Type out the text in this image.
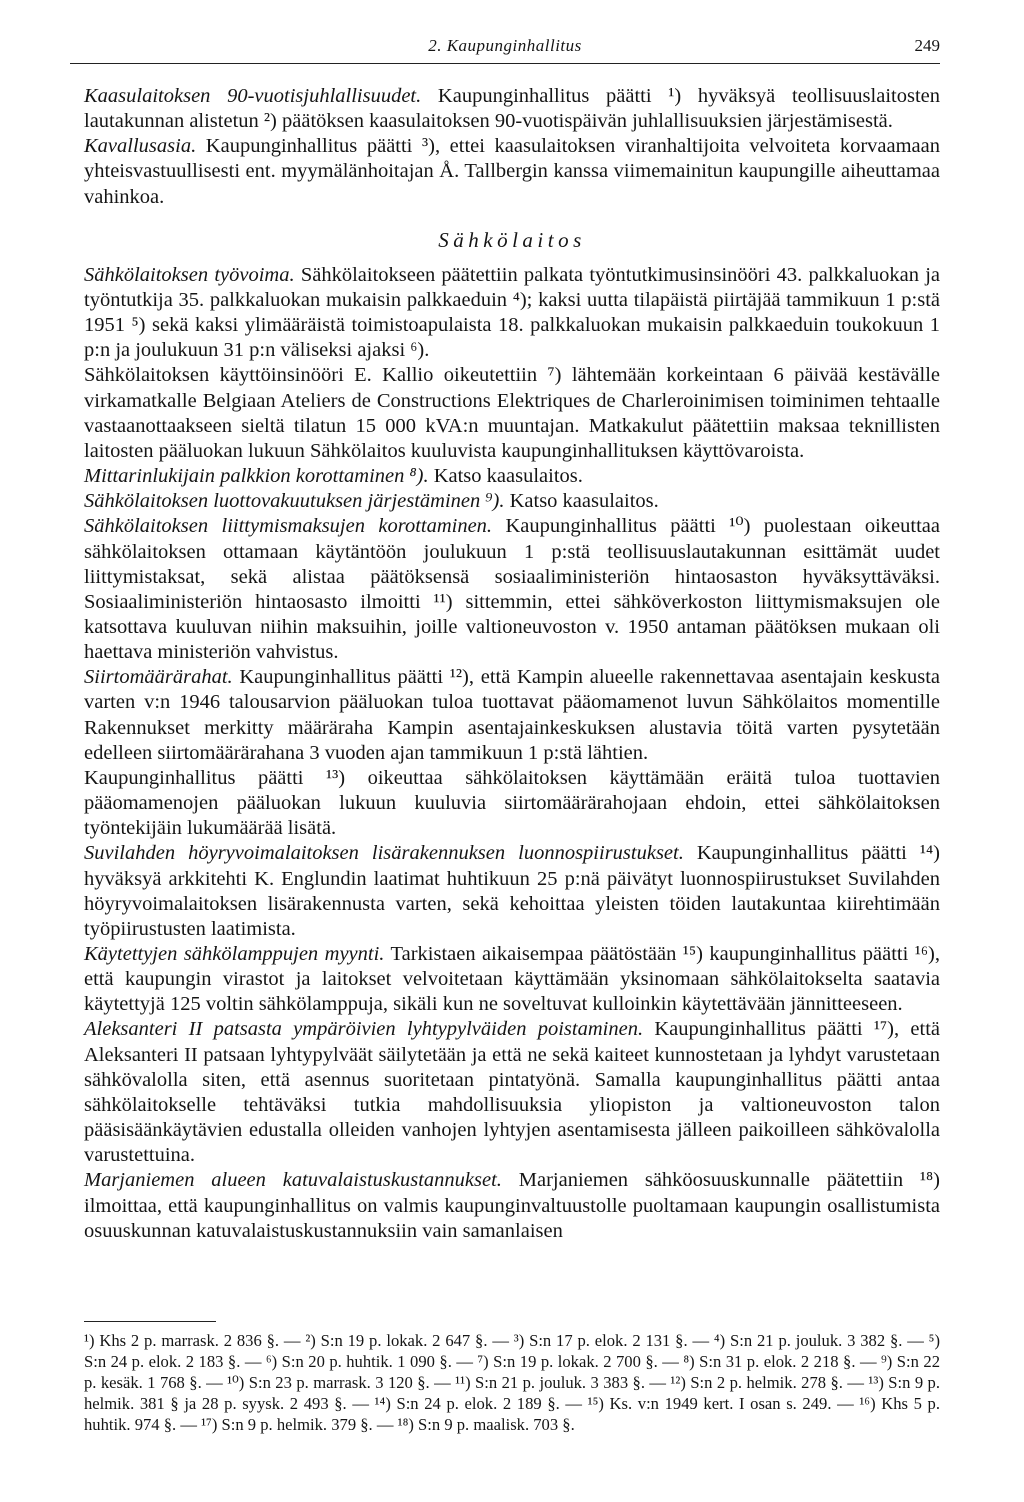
2. Kaupunginhallitus	249

Kaasulaitoksen 90-vuotisjuhlallisuudet. Kaupunginhallitus päätti ¹) hyväksyä teollisuuslaitosten lautakunnan alistetun ²) päätöksen kaasulaitoksen 90-vuotispäivän juhlallisuuksien järjestämisestä.

Kavallusasia. Kaupunginhallitus päätti ³), ettei kaasulaitoksen viranhaltijoita velvoiteta korvaamaan yhteisvastuullisesti ent. myymälänhoitajan Å. Tallbergin kanssa viimemainitun kaupungille aiheuttamaa vahinkoa.

Sähkölaitos

Sähkölaitoksen työvoima. Sähkölaitokseen päätettiin palkata työntutkimusinsinööri 43. palkkaluokan ja työntutkija 35. palkkaluokan mukaisin palkkaeduin ⁴); kaksi uutta tilapäistä piirtäjää tammikuun 1 p:stä 1951 ⁵) sekä kaksi ylimääräistä toimistoapulaista 18. palkkaluokan mukaisin palkkaeduin toukokuun 1 p:n ja joulukuun 31 p:n väliseksi ajaksi ⁶).

Sähkölaitoksen käyttöinsinööri E. Kallio oikeutettiin ⁷) lähtemään korkeintaan 6 päivää kestävälle virkamatkalle Belgiaan Ateliers de Constructions Elektriques de Charleroinimisen toiminimen tehtaalle vastaanottaakseen sieltä tilatun 15 000 kVA:n muuntajan. Matkakulut päätettiin maksaa teknillisten laitosten pääluokan lukuun Sähkölaitos kuuluvista kaupunginhallituksen käyttövaroista.

Mittarinlukijain palkkion korottaminen ⁸). Katso kaasulaitos.

Sähkölaitoksen luottovakuutuksen järjestäminen ⁹). Katso kaasulaitos.

Sähkölaitoksen liittymismaksujen korottaminen. Kaupunginhallitus päätti ¹⁰) puolestaan oikeuttaa sähkölaitoksen ottamaan käytäntöön joulukuun 1 p:stä teollisuuslautakunnan esittämät uudet liittymistaksat, sekä alistaa päätöksensä sosiaaliministeriön hintaosaston hyväksyttäväksi. Sosiaaliministeriön hintaosasto ilmoitti ¹¹) sittemmin, ettei sähköverkoston liittymismaksujen ole katsottava kuuluvan niihin maksuihin, joille valtioneuvoston v. 1950 antaman päätöksen mukaan oli haettava ministeriön vahvistus.

Siirtomäärärahat. Kaupunginhallitus päätti ¹²), että Kampin alueelle rakennettavaa asentajain keskusta varten v:n 1946 talousarvion pääluokan tuloa tuottavat pääomamenot luvun Sähkölaitos momentille Rakennukset merkitty määräraha Kampin asentajainkeskuksen alustavia töitä varten pysytetään edelleen siirtomäärärahana 3 vuoden ajan tammikuun 1 p:stä lähtien.

Kaupunginhallitus päätti ¹³) oikeuttaa sähkölaitoksen käyttämään eräitä tuloa tuottavien pääomamenojen pääluokan lukuun kuuluvia siirtomäärärahojaan ehdoin, ettei sähkölaitoksen työntekijäin lukumäärää lisätä.

Suvilahden höyryvoimalaitoksen lisärakennuksen luonnospiirustukset. Kaupunginhallitus päätti ¹⁴) hyväksyä arkkitehti K. Englundin laatimat huhtikuun 25 p:nä päivätyt luonnospiirustukset Suvilahden höyryvoimalaitoksen lisärakennusta varten, sekä kehoittaa yleisten töiden lautakuntaa kiirehtimään työpiirustusten laatimista.

Käytettyjen sähkölamppujen myynti. Tarkistaen aikaisempaa päätöstään ¹⁵) kaupunginhallitus päätti ¹⁶), että kaupungin virastot ja laitokset velvoitetaan käyttämään yksinomaan sähkölaitokselta saatavia käytettyjä 125 voltin sähkölamppuja, sikäli kun ne soveltuvat kulloinkin käytettävään jännitteeseen.

Aleksanteri II patsasta ympäröivien lyhtypylväiden poistaminen. Kaupunginhallitus päätti ¹⁷), että Aleksanteri II patsaan lyhtypylväät säilytetään ja että ne sekä kaiteet kunnostetaan ja lyhdyt varustetaan sähkövalolla siten, että asennus suoritetaan pintatyönä. Samalla kaupunginhallitus päätti antaa sähkölaitokselle tehtäväksi tutkia mahdollisuuksia yliopiston ja valtioneuvoston talon pääsisäänkäytävien edustalla olleiden vanhojen lyhtyjen asentamisesta jälleen paikoilleen sähkövalolla varustettuina.

Marjaniemen alueen katuvalaistuskustannukset. Marjaniemen sähköosuuskunnalle päätettiin ¹⁸) ilmoittaa, että kaupunginhallitus on valmis kaupunginvaltuustolle puoltamaan kaupungin osallistumista osuuskunnan katuvalaistuskustannuksiin vain samanlaisen

¹) Khs 2 p. marrask. 2 836 §. — ²) S:n 19 p. lokak. 2 647 §. — ³) S:n 17 p. elok. 2 131 §. — ⁴) S:n 21 p. jouluk. 3 382 §. — ⁵) S:n 24 p. elok. 2 183 §. — ⁶) S:n 20 p. huhtik. 1 090 §. — ⁷) S:n 19 p. lokak. 2 700 §. — ⁸) S:n 31 p. elok. 2 218 §. — ⁹) S:n 22 p. kesäk. 1 768 §. — ¹⁰) S:n 23 p. marrask. 3 120 §. — ¹¹) S:n 21 p. jouluk. 3 383 §. — ¹²) S:n 2 p. helmik. 278 §. — ¹³) S:n 9 p. helmik. 381 § ja 28 p. syysk. 2 493 §. — ¹⁴) S:n 24 p. elok. 2 189 §. — ¹⁵) Ks. v:n 1949 kert. I osan s. 249. — ¹⁶) Khs 5 p. huhtik. 974 §. — ¹⁷) S:n 9 p. helmik. 379 §. — ¹⁸) S:n 9 p. maalisk. 703 §.
